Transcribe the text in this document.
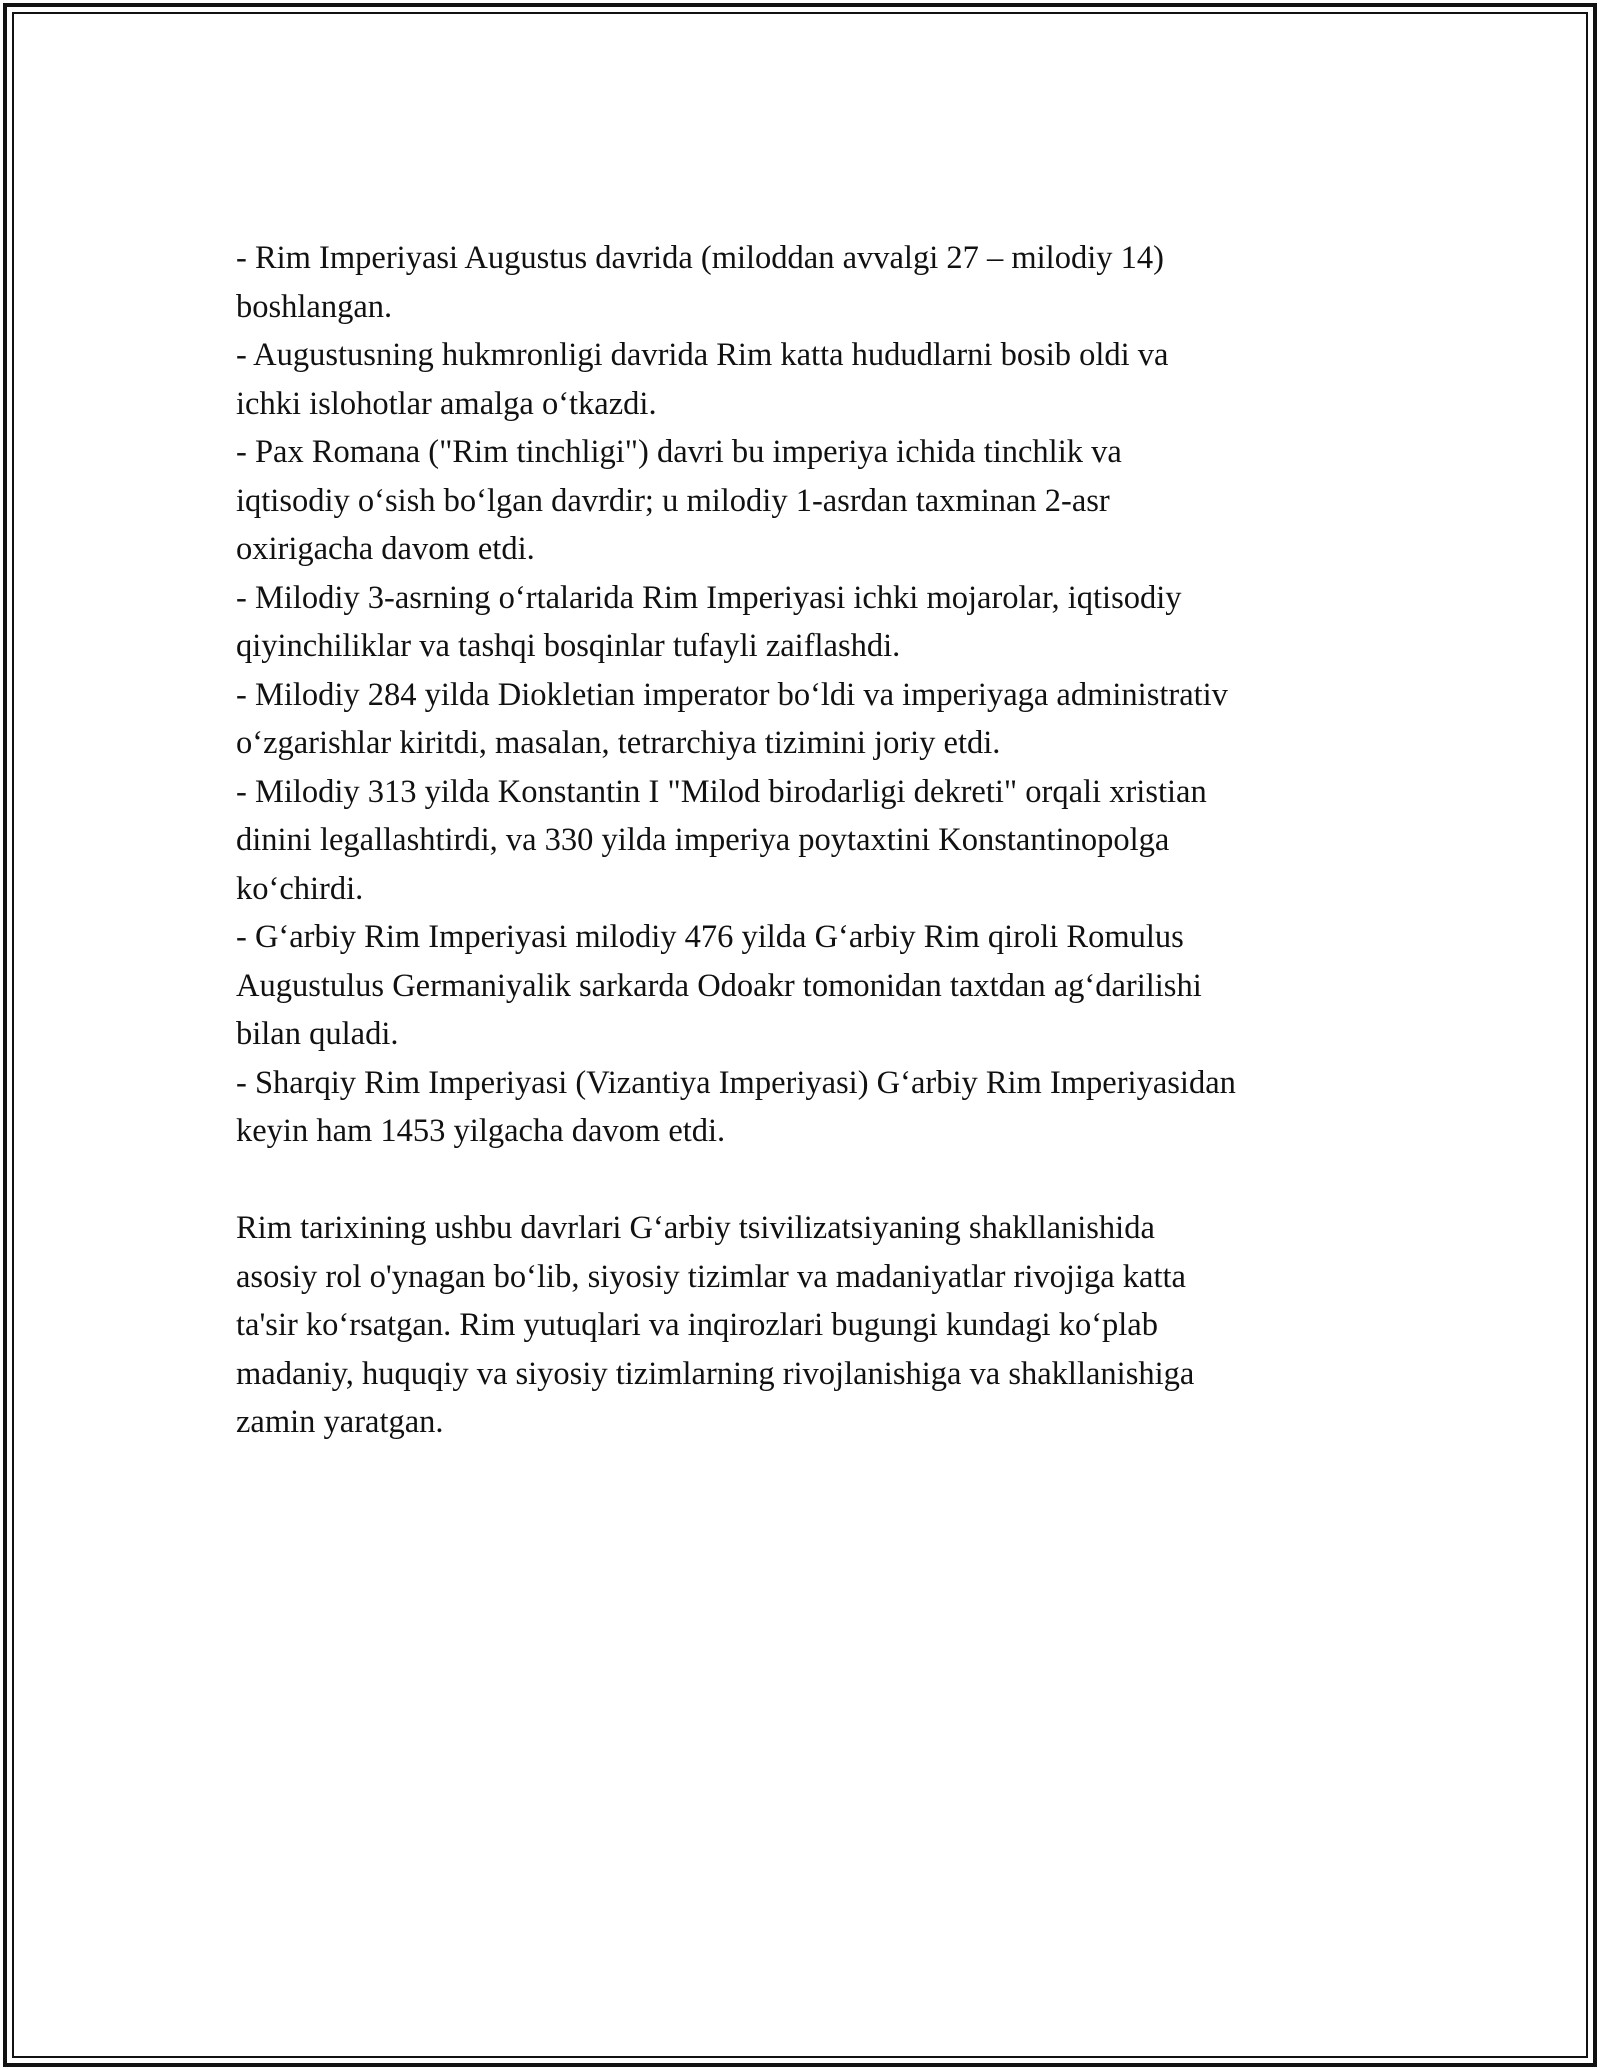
- Rim Imperiyasi Augustus davrida (miloddan avvalgi 27 – milodiy 14)
boshlangan.
- Augustusning hukmronligi davrida Rim katta hududlarni bosib oldi va
ichki islohotlar amalga o‘tkazdi.
- Pax Romana ("Rim tinchligi") davri bu imperiya ichida tinchlik va
iqtisodiy o‘sish bo‘lgan davrdir; u milodiy 1-asrdan taxminan 2-asr
oxirigacha davom etdi.
- Milodiy 3-asrning o‘rtalarida Rim Imperiyasi ichki mojarolar, iqtisodiy
qiyinchiliklar va tashqi bosqinlar tufayli zaiflashdi.
- Milodiy 284 yilda Diokletian imperator bo‘ldi va imperiyaga administrativ
o‘zgarishlar kiritdi, masalan, tetrarchiya tizimini joriy etdi.
- Milodiy 313 yilda Konstantin I "Milod birodarligi dekreti" orqali xristian
dinini legallashtirdi, va 330 yilda imperiya poytaxtini Konstantinopolga
ko‘chirdi.
- G‘arbiy Rim Imperiyasi milodiy 476 yilda G‘arbiy Rim qiroli Romulus
Augustulus Germaniyalik sarkarda Odoakr tomonidan taxtdan ag‘darilishi
bilan quladi.
- Sharqiy Rim Imperiyasi (Vizantiya Imperiyasi) G‘arbiy Rim Imperiyasidan
keyin ham 1453 yilgacha davom etdi.
Rim tarixining ushbu davrlari G‘arbiy tsivilizatsiyaning shakllanishida
asosiy rol o'ynagan bo‘lib, siyosiy tizimlar va madaniyatlar rivojiga katta
ta'sir ko‘rsatgan. Rim yutuqlari va inqirozlari bugungi kundagi ko‘plab
madaniy, huquqiy va siyosiy tizimlarning rivojlanishiga va shakllanishiga
zamin yaratgan.
